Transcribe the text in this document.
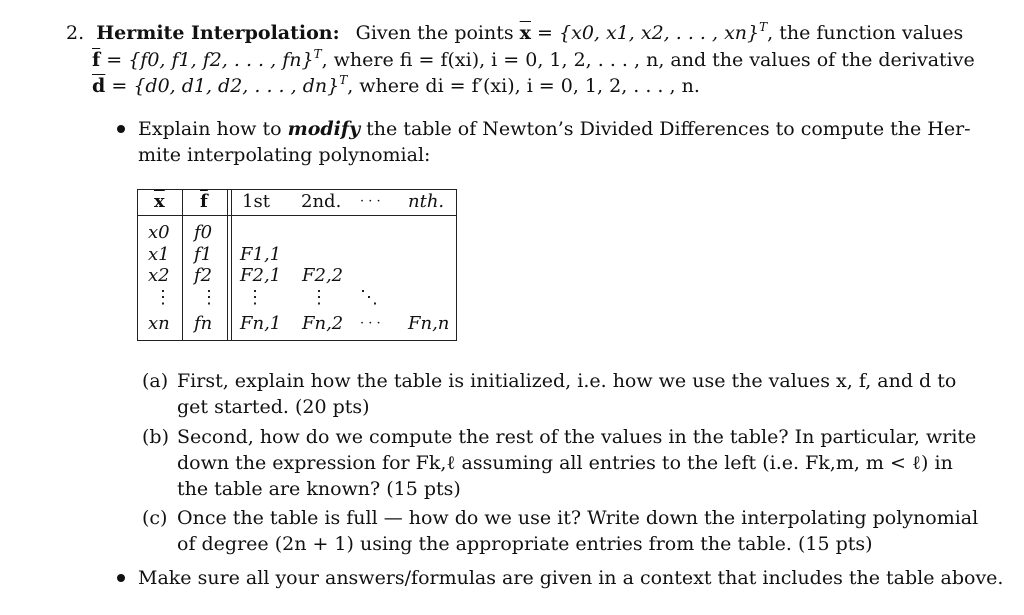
2. Hermite Interpolation: Given the points $\overline{x} = \{x0$, x1, x2, . . . , xn}$^T$, the function values
$\overline{f} = \{f0$, f1, f2, . . . , fn}$^T$, where fi = f(xi), i = 0, 1, 2, . . . , n, and the values of the derivative
$\overline{d} = \{d0$, d1, d2, . . . , dn}$^T$, where di = f′(xi), i = 0, 1, 2, . . . , n.
Explain how to modify the table of Newton’s Divided Differences to compute the Her-
mite interpolating polynomial:
$\overline{x}$ $\overline{f}$ 1st 2nd. · · · nth.
x0
x1
x2
⋮
xn
f0
f1
f2
⋮
fn
F1,1
F2,1
⋮
Fn,1
F2,2
⋮
Fn,2
⋱
· · · Fn,n
(a) First, explain how the table is initialized, i.e. how we use the values x, f, and d to
get started. (20 pts)
(b) Second, how do we compute the rest of the values in the table? In particular, write
down the expression for Fk,ℓ assuming all entries to the left (i.e. Fk,m, m < ℓ) in
the table are known? (15 pts)
(c) Once the table is full — how do we use it? Write down the interpolating polynomial
of degree (2n + 1) using the appropriate entries from the table. (15 pts)
Make sure all your answers/formulas are given in a context that includes the table above.
